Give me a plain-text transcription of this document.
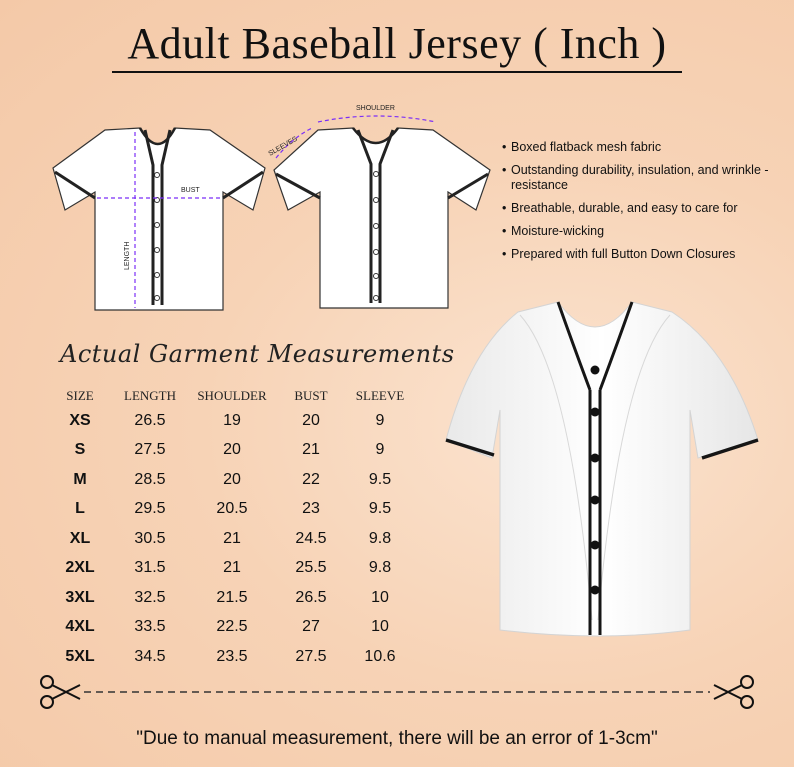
Adult Baseball Jersey ( Inch )
BUST
LENGTH
SHOULDER
SLEEVES	• Boxed flatback mesh fabric
• Outstanding durability, insulation, and wrinkle - resistance
• Breathable, durable, and easy to care for
• Moisture-wicking
• Prepared with full Button Down Closures
Actual Garment Measurements
SIZE	LENGTH	SHOULDER	BUST	SLEEVE
XS	26.5	19	20	9
S	27.5	20	21	9
M	28.5	20	22	9.5
L	29.5	20.5	23	9.5
XL	30.5	21	24.5	9.8
2XL	31.5	21	25.5	9.8
3XL	32.5	21.5	26.5	10
4XL	33.5	22.5	27	10
5XL	34.5	23.5	27.5	10.6
"Due to manual measurement, there will be an error of 1-3cm"
